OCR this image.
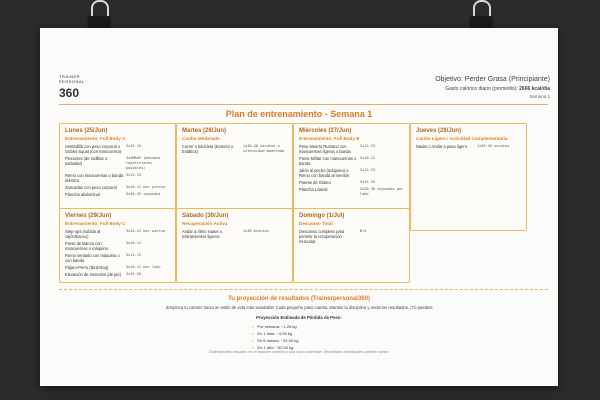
TRAINER
PERSONAL
360
Objetivo: Perder Grasa (Principiante)
Gasto calórico diario (promedio): 2666 kcal/día
Semana 1
Plan de entrenamiento - Semana 1
Lunes (25/Jun)
Entrenamiento: Full Body A
Sentadilla con peso corporal o Goblet Squat (con mancuerna)
3x12-15
Flexiones (de rodillas o estándar)
3xAMRAP (máximas repeticiones posibles)
Remo con mancuernas o banda elástica
3x12-15
Zancadas con peso corporal	3x10-12 por pierna
Plancha abdominal	3x30-45 segundos
Martes (26/Jun)
Cardio Moderado
Correr o Bicicleta (Exterior o Estática)
1x30-40 minutos a intensidad moderada
Miércoles (27/Jun)
Entrenamiento: Full Body B
Peso Muerto Rumano con mancuernas ligeras o banda
3x12-15
Press Militar con mancuernas o banda
3x10-12
Jalón al pecho (máquina) o Remo con banda al mentón
3x12-15
Puente de Glúteo	3x15-20
Plancha Lateral	3x20-30 segundos por lado
Jueves (28/Jun)
Cardio Ligero / Actividad Complementaria
Nadar o Andar a paso ligero	1x30-45 minutos
Viernes (29/Jun)
Entrenamiento: Full Body C
Step-ups (subida al cajón/banco)
3x10-12 por pierna
Press de Banca con mancuernas o máquina
3x10-12
Remo sentado con máquina o con banda
3x12-15
Pájaro-Perro (Bird-Dog)	3x10-12 por lado
Elevación de Gemelos (de pie)	3x15-20
Sábado (30/Jun)
Recuperación Activa
Andar a ritmo suave o estiramientos ligeros
1x30 minutos
Domingo (1/Jul)
Descanso Total
Descanso completo para permitir la recuperación muscular.
N/A
Tu proyección de resultados (Trainerpersonal360)
¡Empieza tu camino hacia un estilo de vida más saludable! Cada pequeño paso cuenta. Mantén la disciplina y verás los resultados. ¡Tú puedes!
Proyección Estimada de Pérdida de Peso:
• Por semana: ~1.26 kg
• En 1 mes: ~4.09 kg
• En 6 meses: ~24.00 kg
• En 1 año: ~52.00 kg
Estimaciones basadas en el balance calórico y una tasa sostenible. Resultados individuales pueden variar.
